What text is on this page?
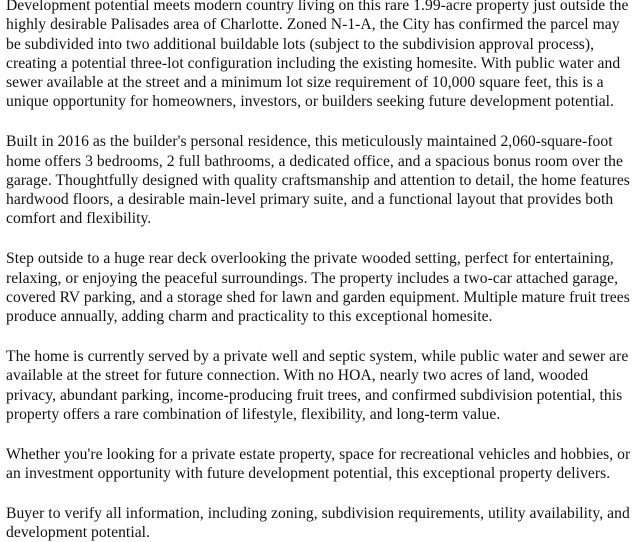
Development potential meets modern country living on this rare 1.99-acre property just outside the highly desirable Palisades area of Charlotte. Zoned N-1-A, the City has confirmed the parcel may be subdivided into two additional buildable lots (subject to the subdivision approval process), creating a potential three-lot configuration including the existing homesite. With public water and sewer available at the street and a minimum lot size requirement of 10,000 square feet, this is a unique opportunity for homeowners, investors, or builders seeking future development potential.

Built in 2016 as the builder's personal residence, this meticulously maintained 2,060-square-foot home offers 3 bedrooms, 2 full bathrooms, a dedicated office, and a spacious bonus room over the garage. Thoughtfully designed with quality craftsmanship and attention to detail, the home features hardwood floors, a desirable main-level primary suite, and a functional layout that provides both comfort and flexibility.

Step outside to a huge rear deck overlooking the private wooded setting, perfect for entertaining, relaxing, or enjoying the peaceful surroundings. The property includes a two-car attached garage, covered RV parking, and a storage shed for lawn and garden equipment. Multiple mature fruit trees produce annually, adding charm and practicality to this exceptional homesite.

The home is currently served by a private well and septic system, while public water and sewer are available at the street for future connection. With no HOA, nearly two acres of land, wooded privacy, abundant parking, income-producing fruit trees, and confirmed subdivision potential, this property offers a rare combination of lifestyle, flexibility, and long-term value.

Whether you're looking for a private estate property, space for recreational vehicles and hobbies, or an investment opportunity with future development potential, this exceptional property delivers.

Buyer to verify all information, including zoning, subdivision requirements, utility availability, and development potential.
